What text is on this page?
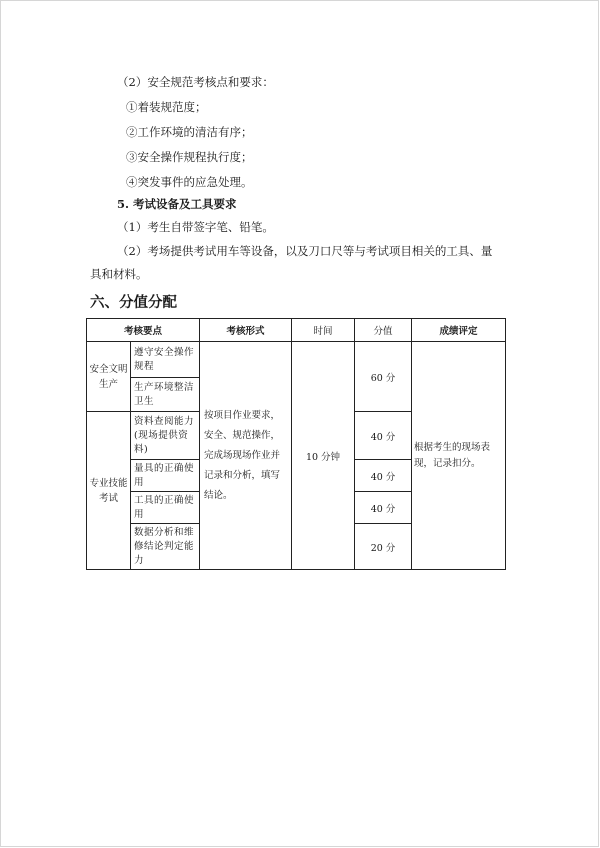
（2）安全规范考核点和要求：
①着装规范度；
②工作环境的清洁有序；
③安全操作规程执行度；
④突发事件的应急处理。
5. 考试设备及工具要求
（1）考生自带签字笔、铅笔。
（2）考场提供考试用车等设备，以及刀口尺等与考试项目相关的工具、量
具和材料。
六、分值分配
考核要点		考核形式	时间	分值	成绩评定

安全文明生产	遵守安全操作规程	按项目作业要求，安全、规范操作，完成场现场作业并记录和分析，填写结论。	10 分钟	60 分	根据考生的现场表现，记录扣分。

	生产环境整洁卫生				

专业技能考试	资料查阅能力(现场提供资料)			40 分	

	量具的正确使用			40 分	

	工具的正确使用			40 分	

	数据分析和维修结论判定能力			20 分	
